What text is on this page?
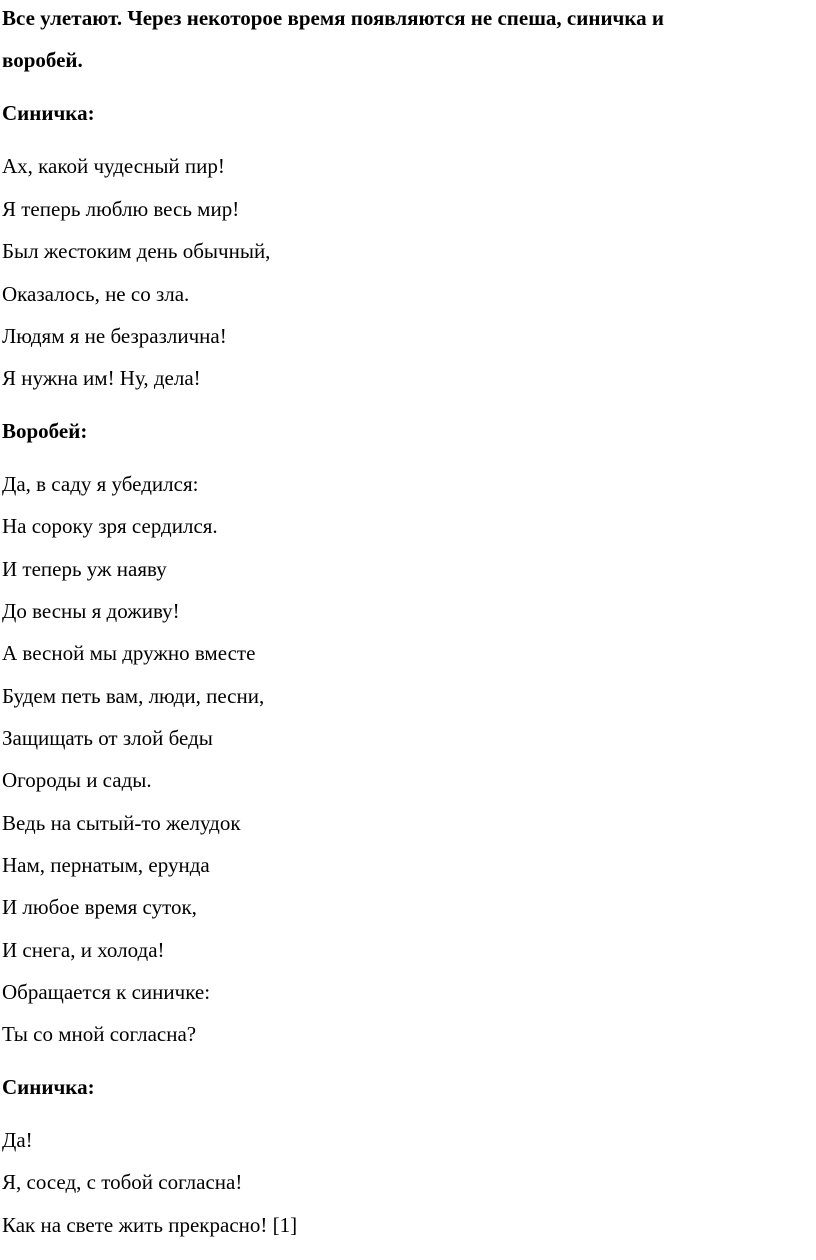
Все улетают. Через некоторое время появляются не спеша, синичка и

воробей.

Синичка:

Ах, какой чудесный пир!

Я теперь люблю весь мир!

Был жестоким день обычный,

Оказалось, не со зла.

Людям я не безразлична!

Я нужна им! Ну, дела!

Воробей:

Да, в саду я убедился:

На сороку зря сердился.

И теперь уж наяву

До весны я доживу!

А весной мы дружно вместе

Будем петь вам, люди, песни,

Защищать от злой беды

Огороды и сады.

Ведь на сытый-то желудок

Нам, пернатым, ерунда

И любое время суток,

И снега, и холода!

Обращается к синичке:

Ты со мной согласна?

Синичка:

Да!

Я, сосед, с тобой согласна!

Как на свете жить прекрасно! [1]
